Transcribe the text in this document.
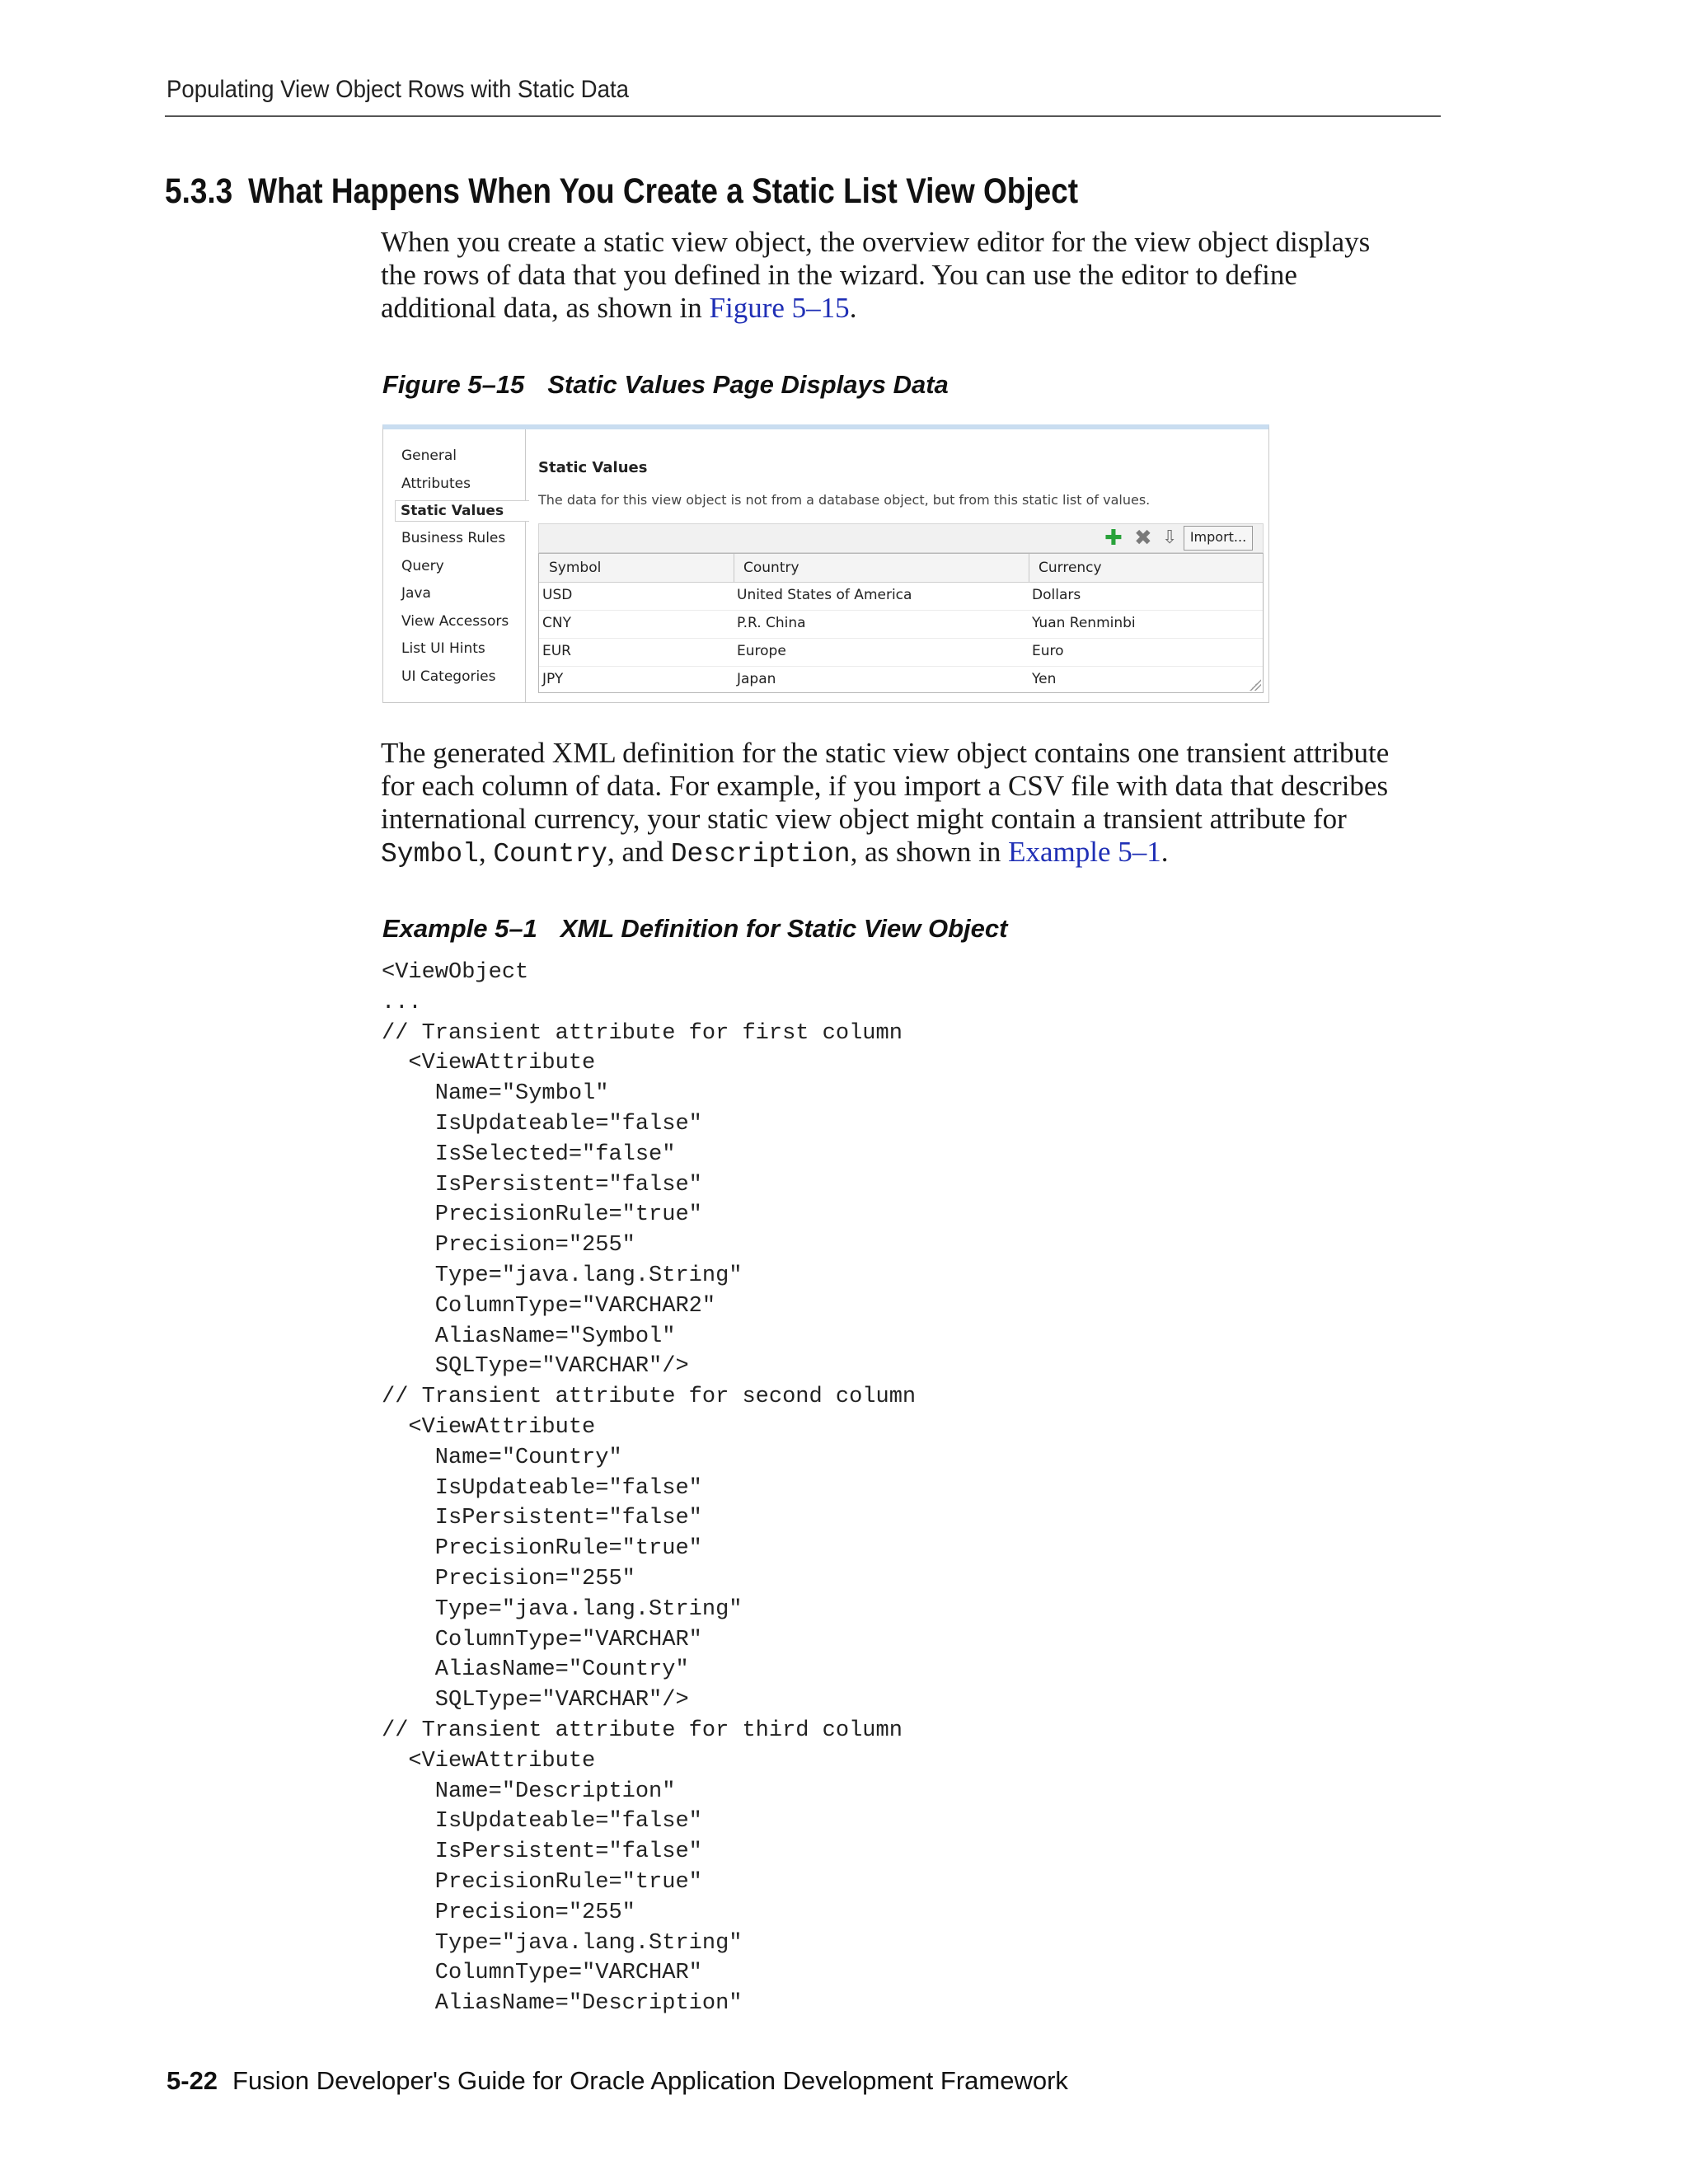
Populating View Object Rows with Static Data
5.3.3 What Happens When You Create a Static List View Object

When you create a static view object, the overview editor for the view object displays
the rows of data that you defined in the wizard. You can use the editor to define
additional data, as shown in Figure 5–15.

Figure 5–15 Static Values Page Displays Data
General
Attributes
Static Values
Business Rules
Query
Java
View Accessors
List UI Hints
UI Categories
Static Values
The data for this view object is not from a database object, but from this static list of values.
✚ ✖ ⇩ Import...
Symbol	Country	Currency
USD	United States of America	Dollars
CNY	P.R. China	Yuan Renminbi
EUR	Europe	Euro
JPY	Japan	Yen

The generated XML definition for the static view object contains one transient attribute
for each column of data. For example, if you import a CSV file with data that describes
international currency, your static view object might contain a transient attribute for
Symbol, Country, and Description, as shown in Example 5–1.

Example 5–1 XML Definition for Static View Object
<ViewObject
...
// Transient attribute for first column
<ViewAttribute
Name="Symbol"
IsUpdateable="false"
IsSelected="false"
IsPersistent="false"
PrecisionRule="true"
Precision="255"
Type="java.lang.String"
ColumnType="VARCHAR2"
AliasName="Symbol"
SQLType="VARCHAR"/>
// Transient attribute for second column
<ViewAttribute
Name="Country"
IsUpdateable="false"
IsPersistent="false"
PrecisionRule="true"
Precision="255"
Type="java.lang.String"
ColumnType="VARCHAR"
AliasName="Country"
SQLType="VARCHAR"/>
// Transient attribute for third column
<ViewAttribute
Name="Description"
IsUpdateable="false"
IsPersistent="false"
PrecisionRule="true"
Precision="255"
Type="java.lang.String"
ColumnType="VARCHAR"
AliasName="Description"
5-22 Fusion Developer's Guide for Oracle Application Development Framework
